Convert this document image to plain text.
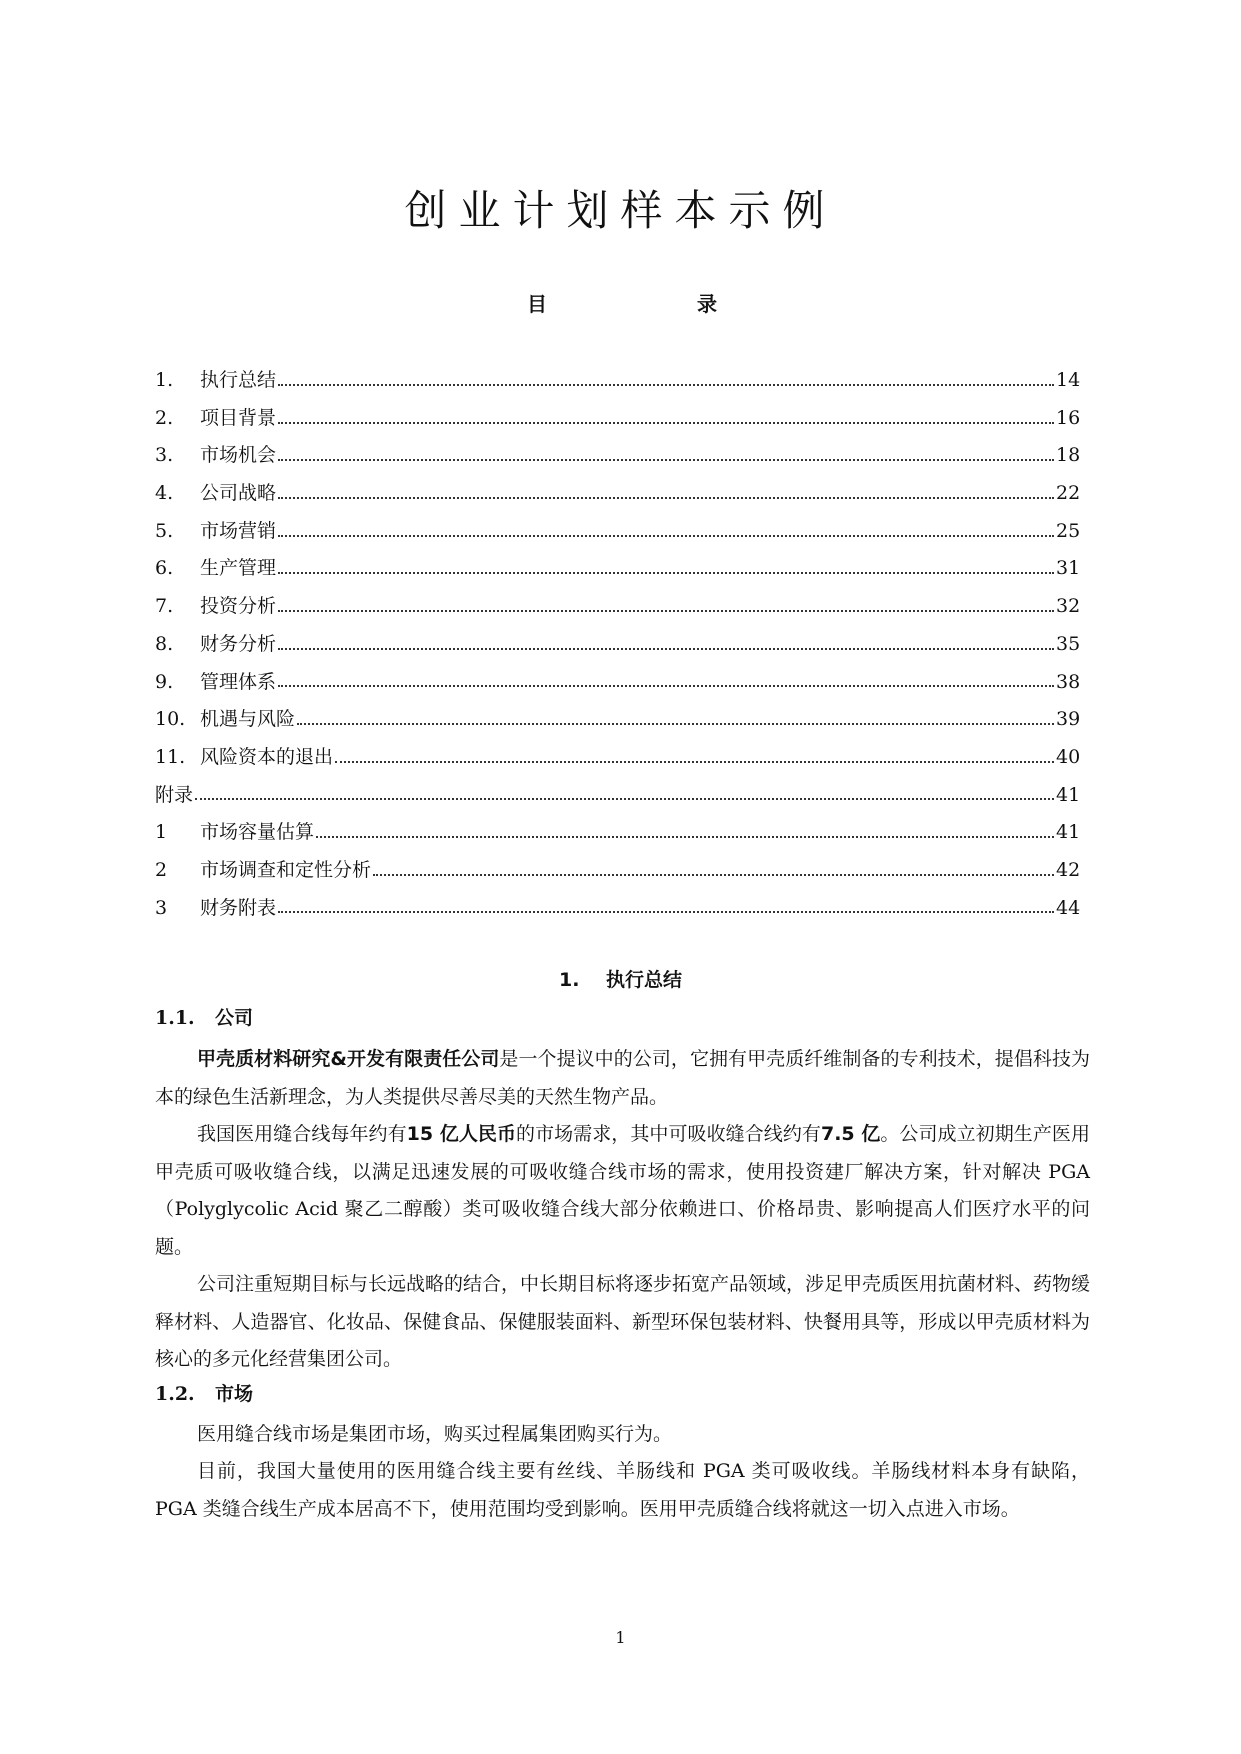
创业计划样本示例
目	录
1.	执行总结	14
2.	项目背景	16
3.	市场机会	18
4.	公司战略	22
5.	市场营销	25
6.	生产管理	31
7.	投资分析	32
8.	财务分析	35
9.	管理体系	38
10. 机遇与风险	39
11. 风险资本的退出	40
附录	41
1	市场容量估算	41
2	市场调查和定性分析	42
3	财务附表	44
1.    执行总结
1.1. 公司

甲壳质材料研究&开发有限责任公司是一个提议中的公司，它拥有甲壳质纤维制备的专利技术，提倡科技为本的绿色生活新理念，为人类提供尽善尽美的天然生物产品。

我国医用缝合线每年约有15 亿人民币的市场需求，其中可吸收缝合线约有7.5 亿。公司成立初期生产医用甲壳质可吸收缝合线，以满足迅速发展的可吸收缝合线市场的需求，使用投资建厂解决方案，针对解决 PGA（Polyglycolic Acid 聚乙二醇酸）类可吸收缝合线大部分依赖进口、价格昂贵、影响提高人们医疗水平的问题。

公司注重短期目标与长远战略的结合，中长期目标将逐步拓宽产品领域，涉足甲壳质医用抗菌材料、药物缓释材料、人造器官、化妆品、保健食品、保健服装面料、新型环保包装材料、快餐用具等，形成以甲壳质材料为核心的多元化经营集团公司。

1.2. 市场

医用缝合线市场是集团市场，购买过程属集团购买行为。

目前，我国大量使用的医用缝合线主要有丝线、羊肠线和 PGA 类可吸收线。羊肠线材料本身有缺陷，PGA 类缝合线生产成本居高不下，使用范围均受到影响。医用甲壳质缝合线将就这一切入点进入市场。

1
